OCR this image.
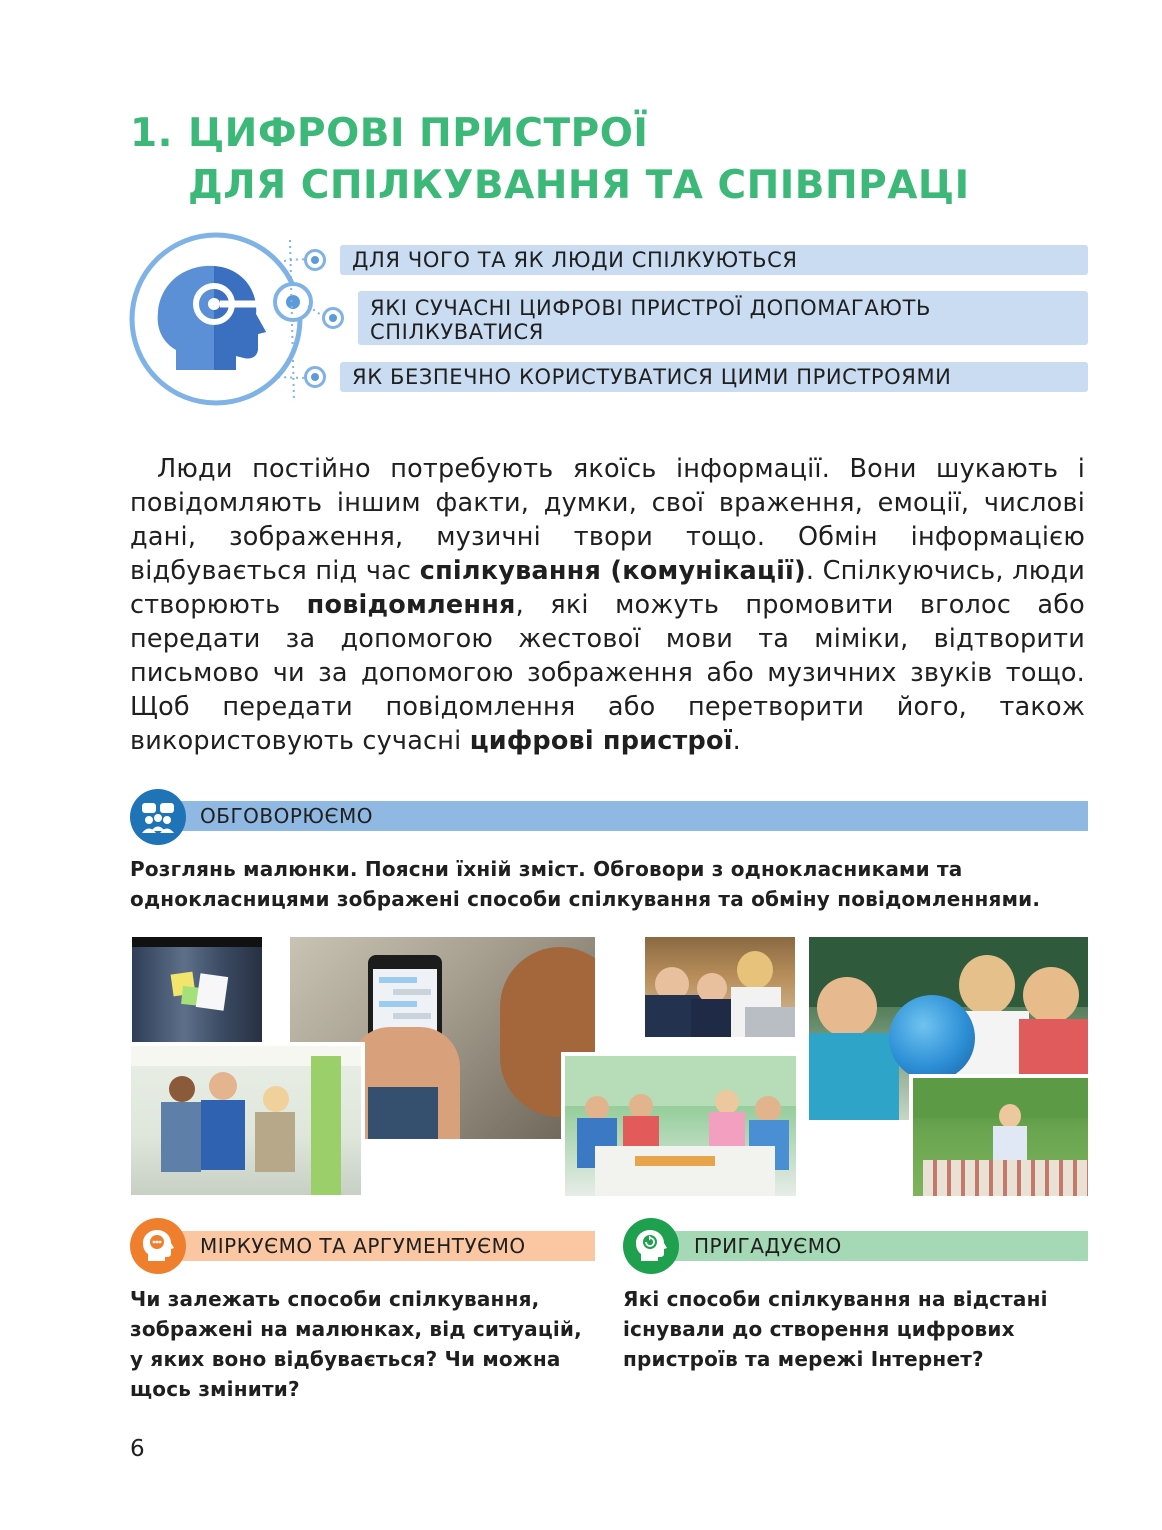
1. ЦИФРОВІ ПРИСТРОЇ
ДЛЯ СПІЛКУВАННЯ ТА СПІВПРАЦІ
ДЛЯ ЧОГО ТА ЯК ЛЮДИ СПІЛКУЮТЬСЯ
ЯКІ СУЧАСНІ ЦИФРОВІ ПРИСТРОЇ ДОПОМАГАЮТЬ СПІЛКУВАТИСЯ
ЯК БЕЗПЕЧНО КОРИСТУВАТИСЯ ЦИМИ ПРИСТРОЯМИ

Люди постійно потребують якоїсь інформації. Вони шукають і повідомляють іншим факти, думки, свої враження, емоції, числові дані, зображення, музичні твори тощо. Обмін інформацією відбувається під час спілкування (комунікації). Спілкуючись, люди створюють повідомлення, які можуть промовити вголос або передати за допомогою жестової мови та міміки, відтворити письмово чи за допомогою зображення або музичних звуків тощо. Щоб передати повідомлення або перетворити його, також використовують сучасні цифрові пристрої.

ОБГОВОРЮЄМО
Розглянь малюнки. Поясни їхній зміст. Обговори з однокласниками та однокласницями зображені способи спілкування та обміну повідомленнями.
МІРКУЄМО ТА АРГУМЕНТУЄМО
Чи залежать способи спілкування, зображені на малюнках, від ситуацій, у яких воно відбувається? Чи можна щось змінити?
ПРИГАДУЄМО
Які способи спілкування на відстані існували до створення цифрових пристроїв та мережі Інтернет?
6
